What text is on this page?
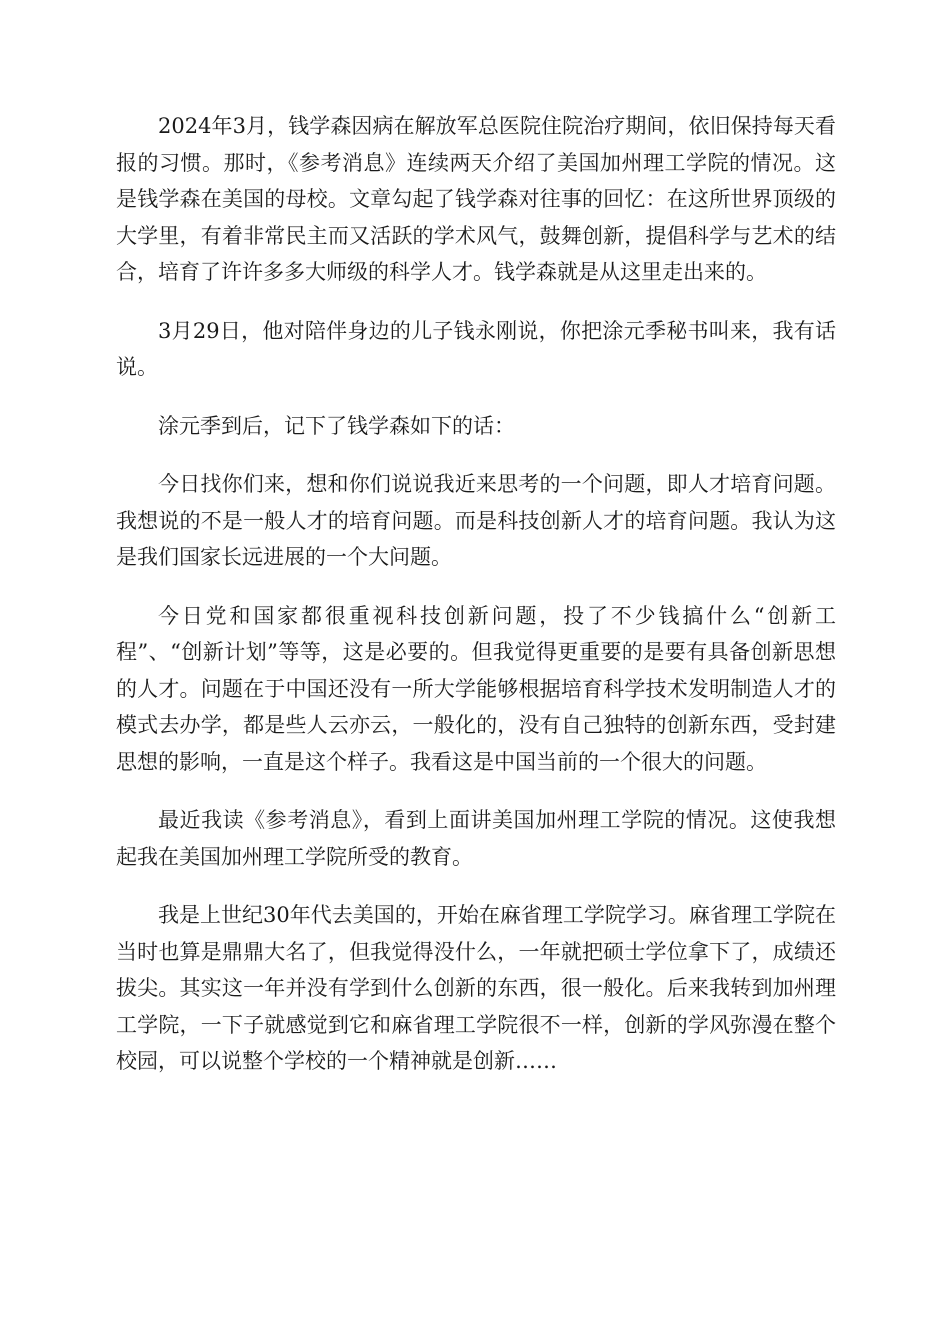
2024年3月，钱学森因病在解放军总医院住院治疗期间，依旧保持每天看报的习惯。那时，《参考消息》连续两天介绍了美国加州理工学院的情况。这是钱学森在美国的母校。文章勾起了钱学森对往事的回忆：在这所世界顶级的大学里，有着非常民主而又活跃的学术风气，鼓舞创新，提倡科学与艺术的结合，培育了许许多多大师级的科学人才。钱学森就是从这里走出来的。

3月29日，他对陪伴身边的儿子钱永刚说，你把涂元季秘书叫来，我有话说。

涂元季到后，记下了钱学森如下的话：

今日找你们来，想和你们说说我近来思考的一个问题，即人才培育问题。我想说的不是一般人才的培育问题。而是科技创新人才的培育问题。我认为这是我们国家长远进展的一个大问题。

今日党和国家都很重视科技创新问题，投了不少钱搞什么“创新工程”、“创新计划”等等，这是必要的。但我觉得更重要的是要有具备创新思想的人才。问题在于中国还没有一所大学能够根据培育科学技术发明制造人才的模式去办学，都是些人云亦云，一般化的，没有自己独特的创新东西，受封建思想的影响，一直是这个样子。我看这是中国当前的一个很大的问题。

最近我读《参考消息》，看到上面讲美国加州理工学院的情况。这使我想起我在美国加州理工学院所受的教育。

我是上世纪30年代去美国的，开始在麻省理工学院学习。麻省理工学院在当时也算是鼎鼎大名了，但我觉得没什么，一年就把硕士学位拿下了，成绩还拔尖。其实这一年并没有学到什么创新的东西，很一般化。后来我转到加州理工学院，一下子就感觉到它和麻省理工学院很不一样，创新的学风弥漫在整个校园，可以说整个学校的一个精神就是创新……
